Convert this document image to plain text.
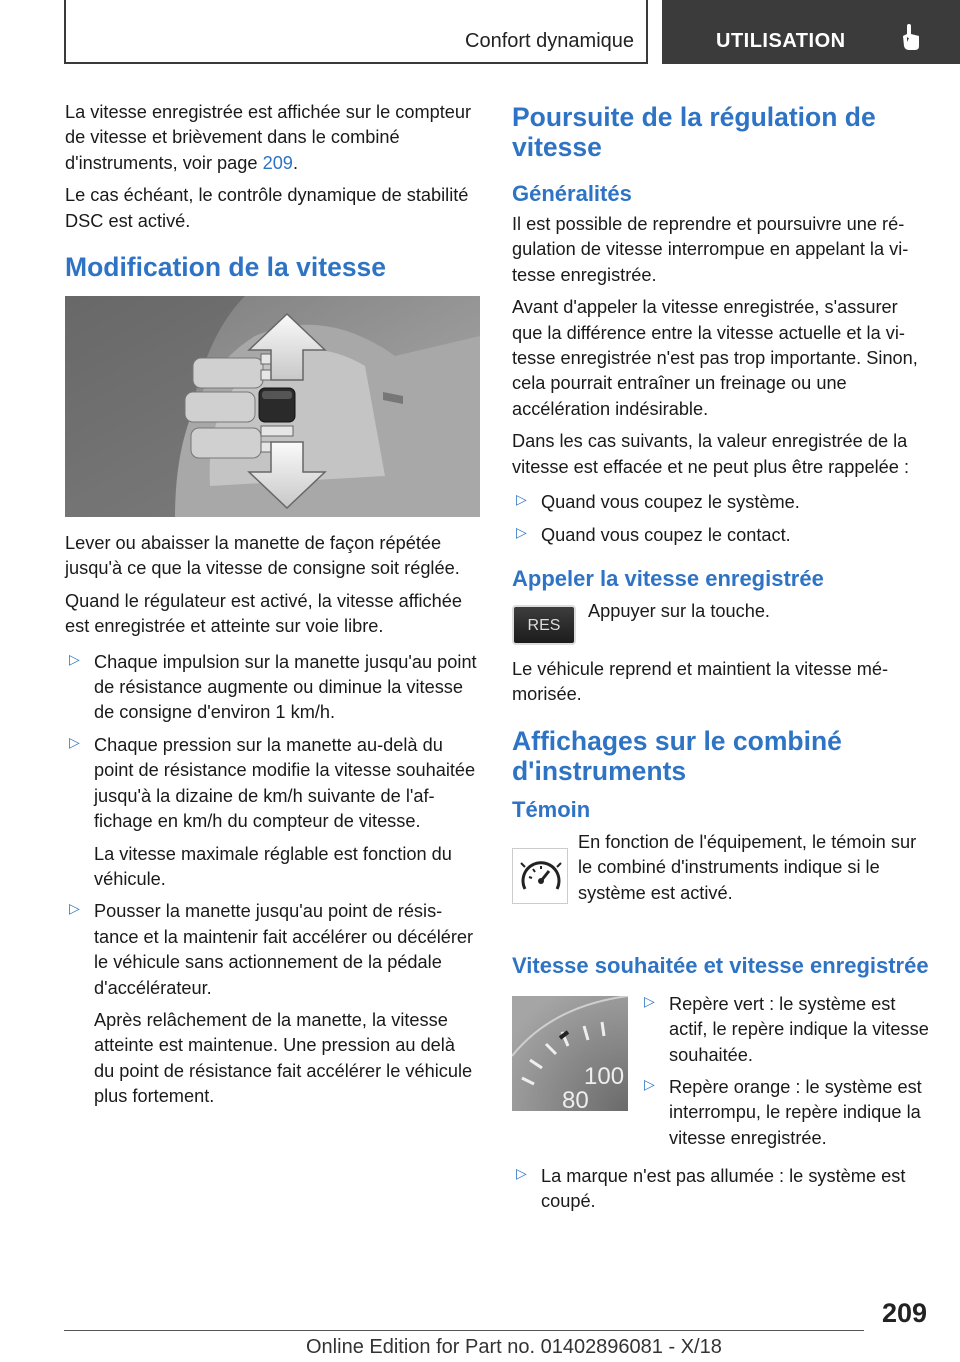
Confort dynamique	UTILISATION

La vitesse enregistrée est affichée sur le compteur de vitesse et brièvement dans le combiné d'instruments, voir page 209.

Le cas échéant, le contrôle dynamique de stabilité DSC est activé.

Modification de la vitesse

Lever ou abaisser la manette de façon répétée jusqu'à ce que la vitesse de consigne soit réglée.

Quand le régulateur est activé, la vitesse affichée est enregistrée et atteinte sur voie libre.

▷ Chaque impulsion sur la manette jusqu'au point de résistance augmente ou diminue la vitesse de consigne d'environ 1 km/h.

▷ Chaque pression sur la manette au-delà du point de résistance modifie la vitesse souhaitée jusqu'à la dizaine de km/h suivante de l'affichage en km/h du compteur de vitesse.

La vitesse maximale réglable est fonction du véhicule.

▷ Pousser la manette jusqu'au point de résistance et la maintenir fait accélérer ou décélérer le véhicule sans actionnement de la pédale d'accélérateur.

Après relâchement de la manette, la vitesse atteinte est maintenue. Une pression au delà du point de résistance fait accélérer le véhicule plus fortement.

Poursuite de la régulation de vitesse
Généralités

Il est possible de reprendre et poursuivre une régulation de vitesse interrompue en appelant la vitesse enregistrée.

Avant d'appeler la vitesse enregistrée, s'assurer que la différence entre la vitesse actuelle et la vitesse enregistrée n'est pas trop importante. Sinon, cela pourrait entraîner un freinage ou une accélération indésirable.

Dans les cas suivants, la valeur enregistrée de la vitesse est effacée et ne peut plus être rappelée :

▷ Quand vous coupez le système.

▷ Quand vous coupez le contact.

Appeler la vitesse enregistrée
RES

Appuyer sur la touche.

Le véhicule reprend et maintient la vitesse mémorisée.

Affichages sur le combiné d'instruments
Témoin

En fonction de l'équipement, le témoin sur le combiné d'instruments indique si le système est activé.

Vitesse souhaitée et vitesse enregistrée
100
80
▷ Repère vert : le système est actif, le repère indique la vitesse souhaitée.

▷ Repère orange : le système est interrompu, le repère indique la vitesse enregistrée.

▷ La marque n'est pas allumée : le système est coupé.

209
Online Edition for Part no. 01402896081 - X/18
